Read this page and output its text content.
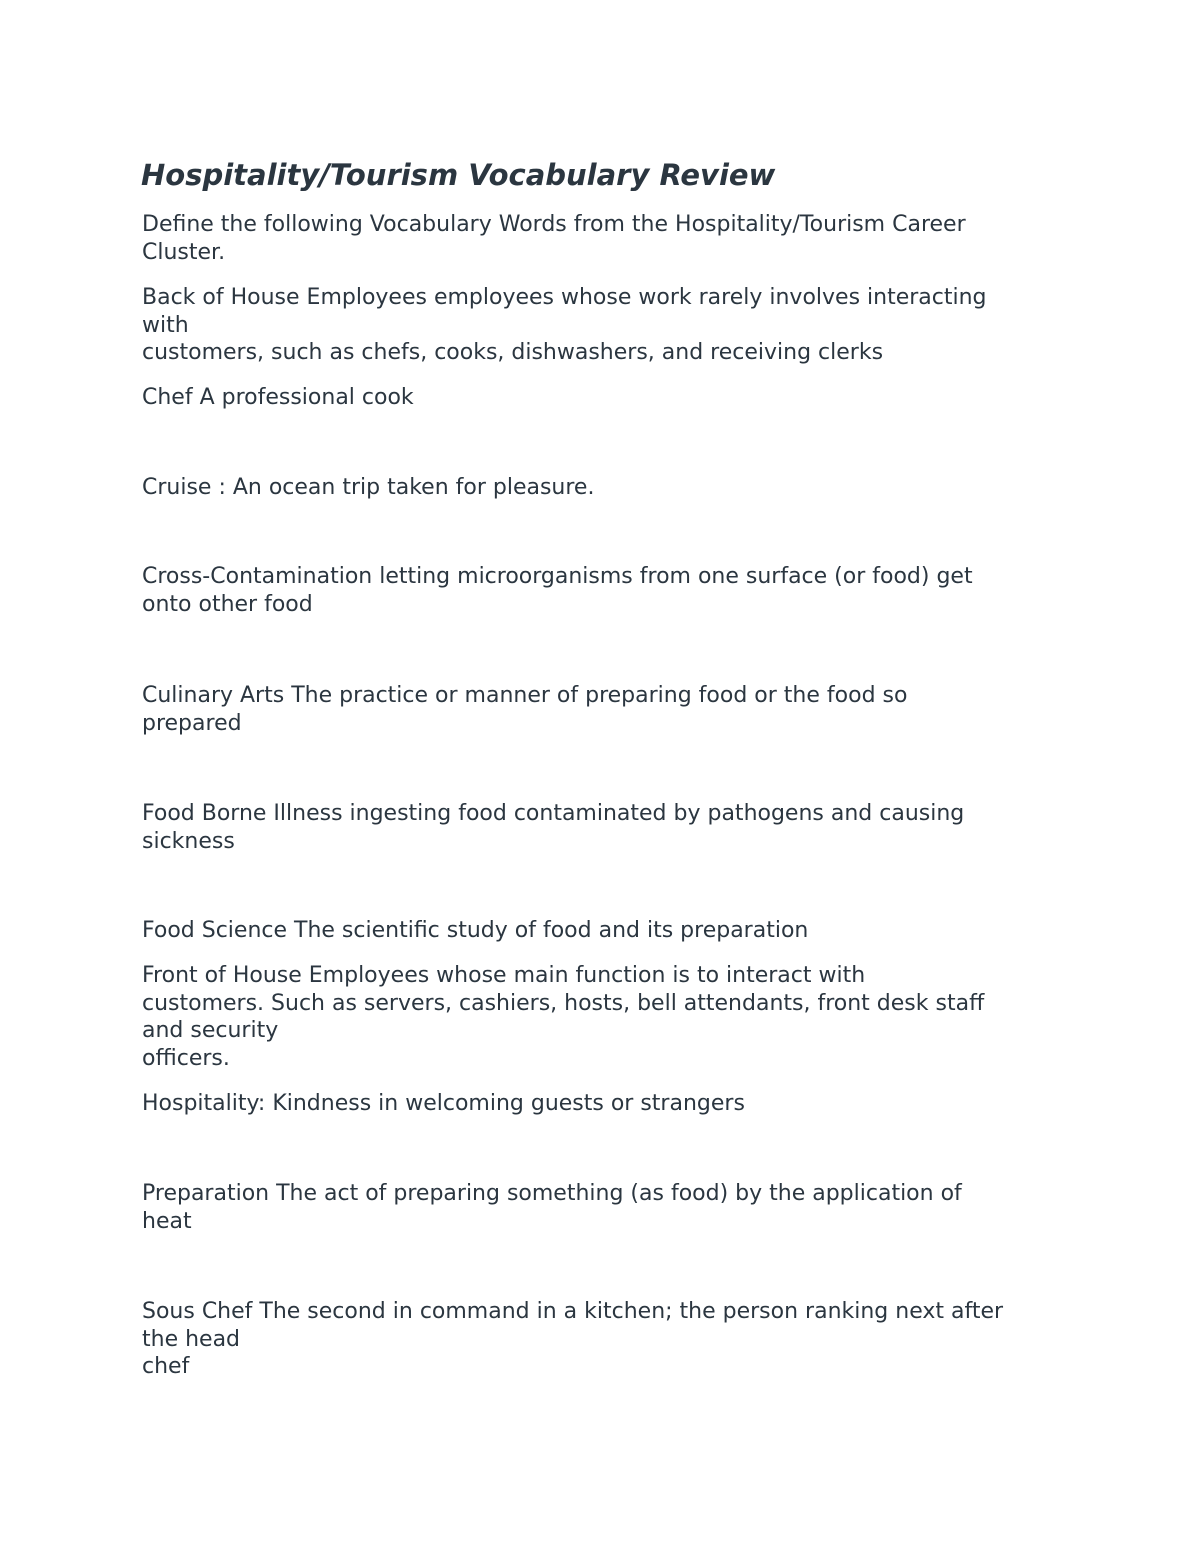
Hospitality/Tourism Vocabulary Review

Define the following Vocabulary Words from the Hospitality/Tourism Career
Cluster.

Back of House Employees employees whose work rarely involves interacting
with
customers, such as chefs, cooks, dishwashers, and receiving clerks

Chef A professional cook

Cruise : An ocean trip taken for pleasure.

Cross-Contamination letting microorganisms from one surface (or food) get
onto other food

Culinary Arts The practice or manner of preparing food or the food so
prepared

Food Borne Illness ingesting food contaminated by pathogens and causing
sickness

Food Science The scientific study of food and its preparation

Front of House Employees whose main function is to interact with
customers. Such as servers, cashiers, hosts, bell attendants, front desk staff
and security
officers.

Hospitality: Kindness in welcoming guests or strangers

Preparation The act of preparing something (as food) by the application of
heat

Sous Chef The second in command in a kitchen; the person ranking next after
the head
chef
